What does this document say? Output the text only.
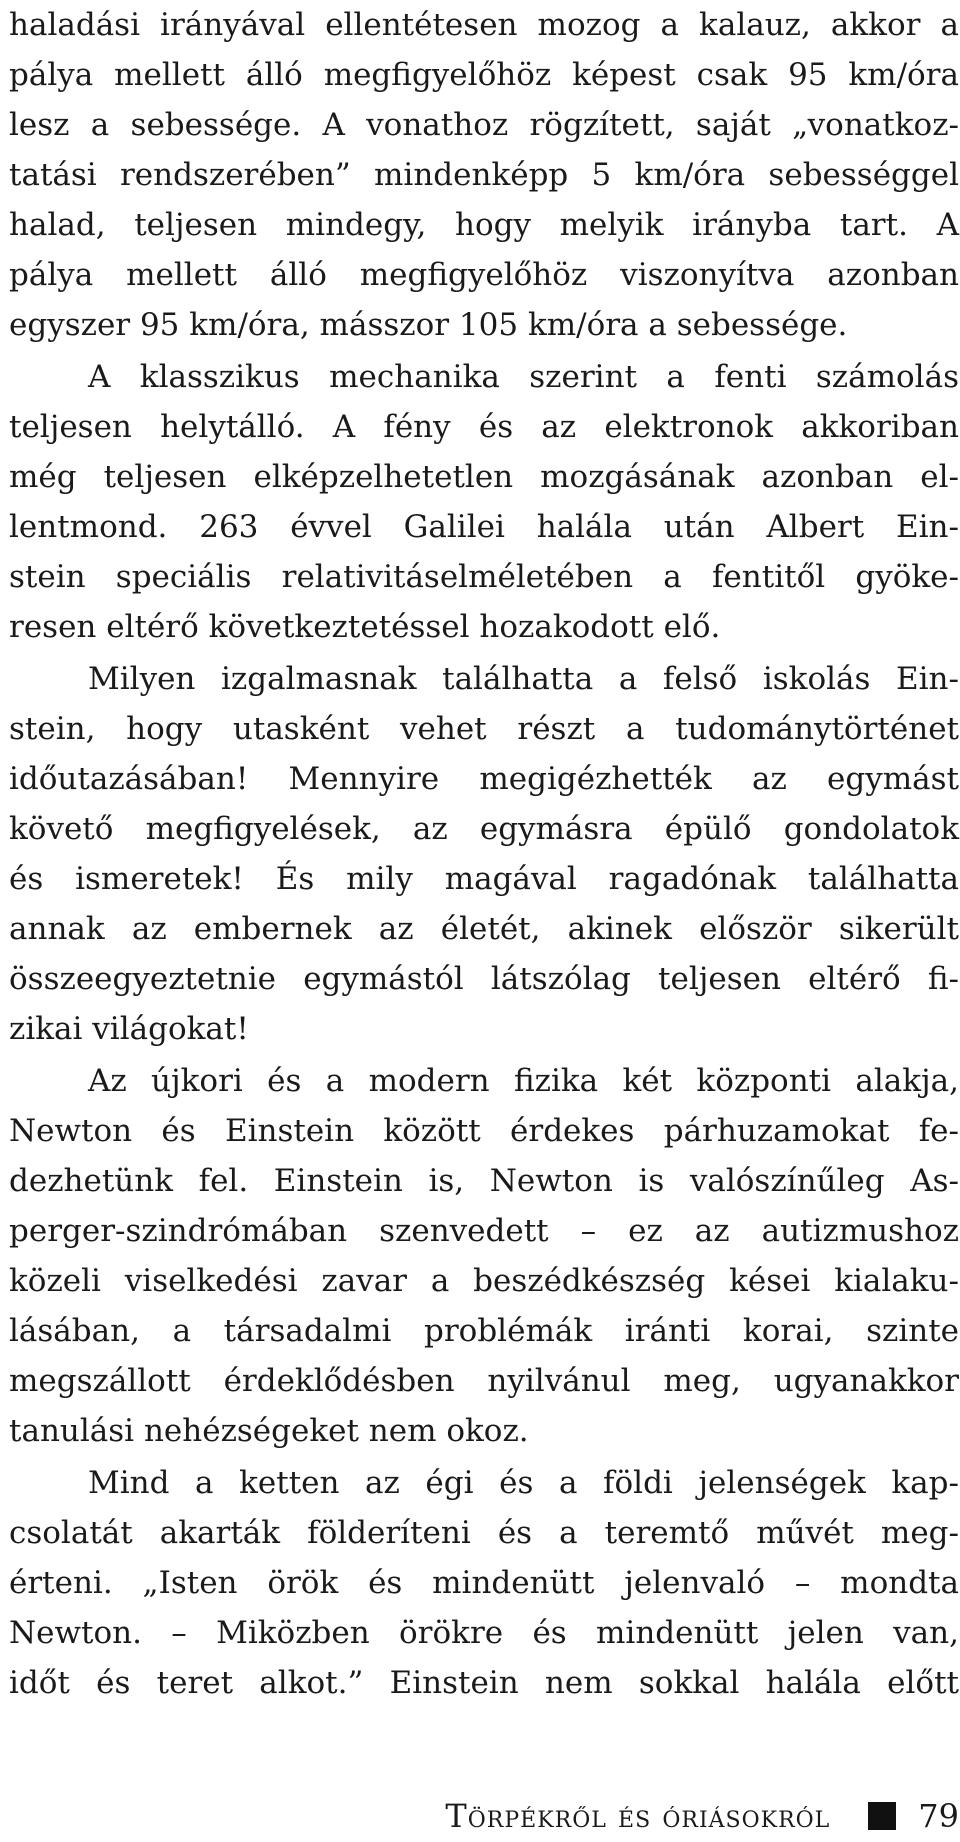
haladási irányával ellentétesen mozog a kalauz, akkor a
pálya mellett álló megfigyelőhöz képest csak 95 km/óra
lesz a sebessége. A vonathoz rögzített, saját „vonatkoz-
tatási rendszerében” mindenképp 5 km/óra sebességgel
halad, teljesen mindegy, hogy melyik irányba tart. A
pálya mellett álló megfigyelőhöz viszonyítva azonban
egyszer 95 km/óra, másszor 105 km/óra a sebessége.
A klasszikus mechanika szerint a fenti számolás
teljesen helytálló. A fény és az elektronok akkoriban
még teljesen elképzelhetetlen mozgásának azonban el-
lentmond. 263 évvel Galilei halála után Albert Ein-
stein speciális relativitáselméletében a fentitől gyöke-
resen eltérő következtetéssel hozakodott elő.
Milyen izgalmasnak találhatta a felső iskolás Ein-
stein, hogy utasként vehet részt a tudománytörténet
időutazásában! Mennyire megigézhették az egymást
követő megfigyelések, az egymásra épülő gondolatok
és ismeretek! És mily magával ragadónak találhatta
annak az embernek az életét, akinek először sikerült
összeegyeztetnie egymástól látszólag teljesen eltérő fi-
zikai világokat!
Az újkori és a modern fizika két központi alakja,
Newton és Einstein között érdekes párhuzamokat fe-
dezhetünk fel. Einstein is, Newton is valószínűleg As-
perger-szindrómában szenvedett – ez az autizmushoz
közeli viselkedési zavar a beszédkészség kései kialaku-
lásában, a társadalmi problémák iránti korai, szinte
megszállott érdeklődésben nyilvánul meg, ugyanakkor
tanulási nehézségeket nem okoz.
Mind a ketten az égi és a földi jelenségek kap-
csolatát akarták földeríteni és a teremtő művét meg-
érteni. „Isten örök és mindenütt jelenvaló – mondta
Newton. – Miközben örökre és mindenütt jelen van,
időt és teret alkot.” Einstein nem sokkal halála előtt
Törpékről és óriásokról	79
